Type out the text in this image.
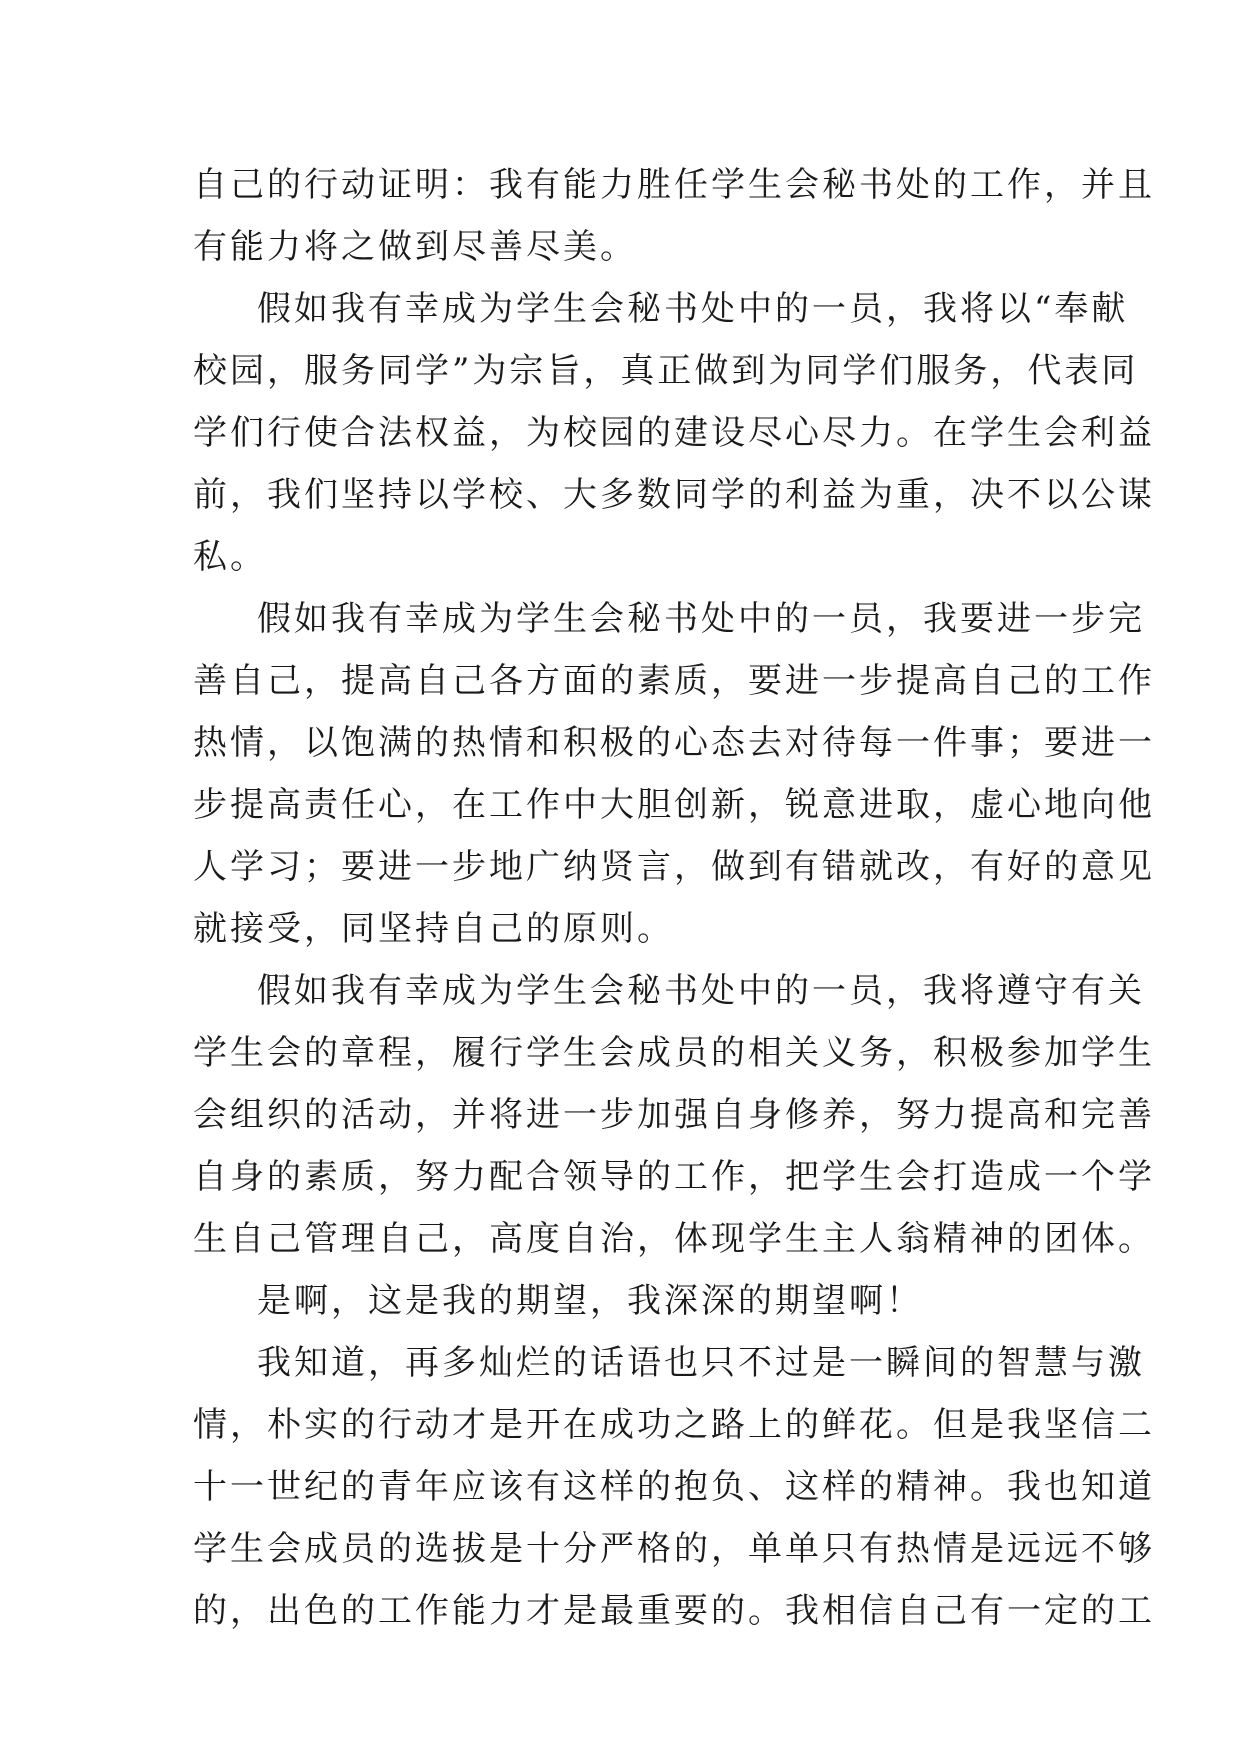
自己的行动证明：我有能力胜任学生会秘书处的工作，并且
有能力将之做到尽善尽美。
假如我有幸成为学生会秘书处中的一员，我将以“奉献
校园，服务同学”为宗旨，真正做到为同学们服务，代表同
学们行使合法权益，为校园的建设尽心尽力。在学生会利益
前，我们坚持以学校、大多数同学的利益为重，决不以公谋
私。
假如我有幸成为学生会秘书处中的一员，我要进一步完
善自己，提高自己各方面的素质，要进一步提高自己的工作
热情，以饱满的热情和积极的心态去对待每一件事；要进一
步提高责任心，在工作中大胆创新，锐意进取，虚心地向他
人学习；要进一步地广纳贤言，做到有错就改，有好的意见
就接受，同坚持自己的原则。
假如我有幸成为学生会秘书处中的一员，我将遵守有关
学生会的章程，履行学生会成员的相关义务，积极参加学生
会组织的活动，并将进一步加强自身修养，努力提高和完善
自身的素质，努力配合领导的工作，把学生会打造成一个学
生自己管理自己，高度自治，体现学生主人翁精神的团体。
是啊，这是我的期望，我深深的期望啊！
我知道，再多灿烂的话语也只不过是一瞬间的智慧与激
情，朴实的行动才是开在成功之路上的鲜花。但是我坚信二
十一世纪的青年应该有这样的抱负、这样的精神。我也知道
学生会成员的选拔是十分严格的，单单只有热情是远远不够
的，出色的工作能力才是最重要的。我相信自己有一定的工
